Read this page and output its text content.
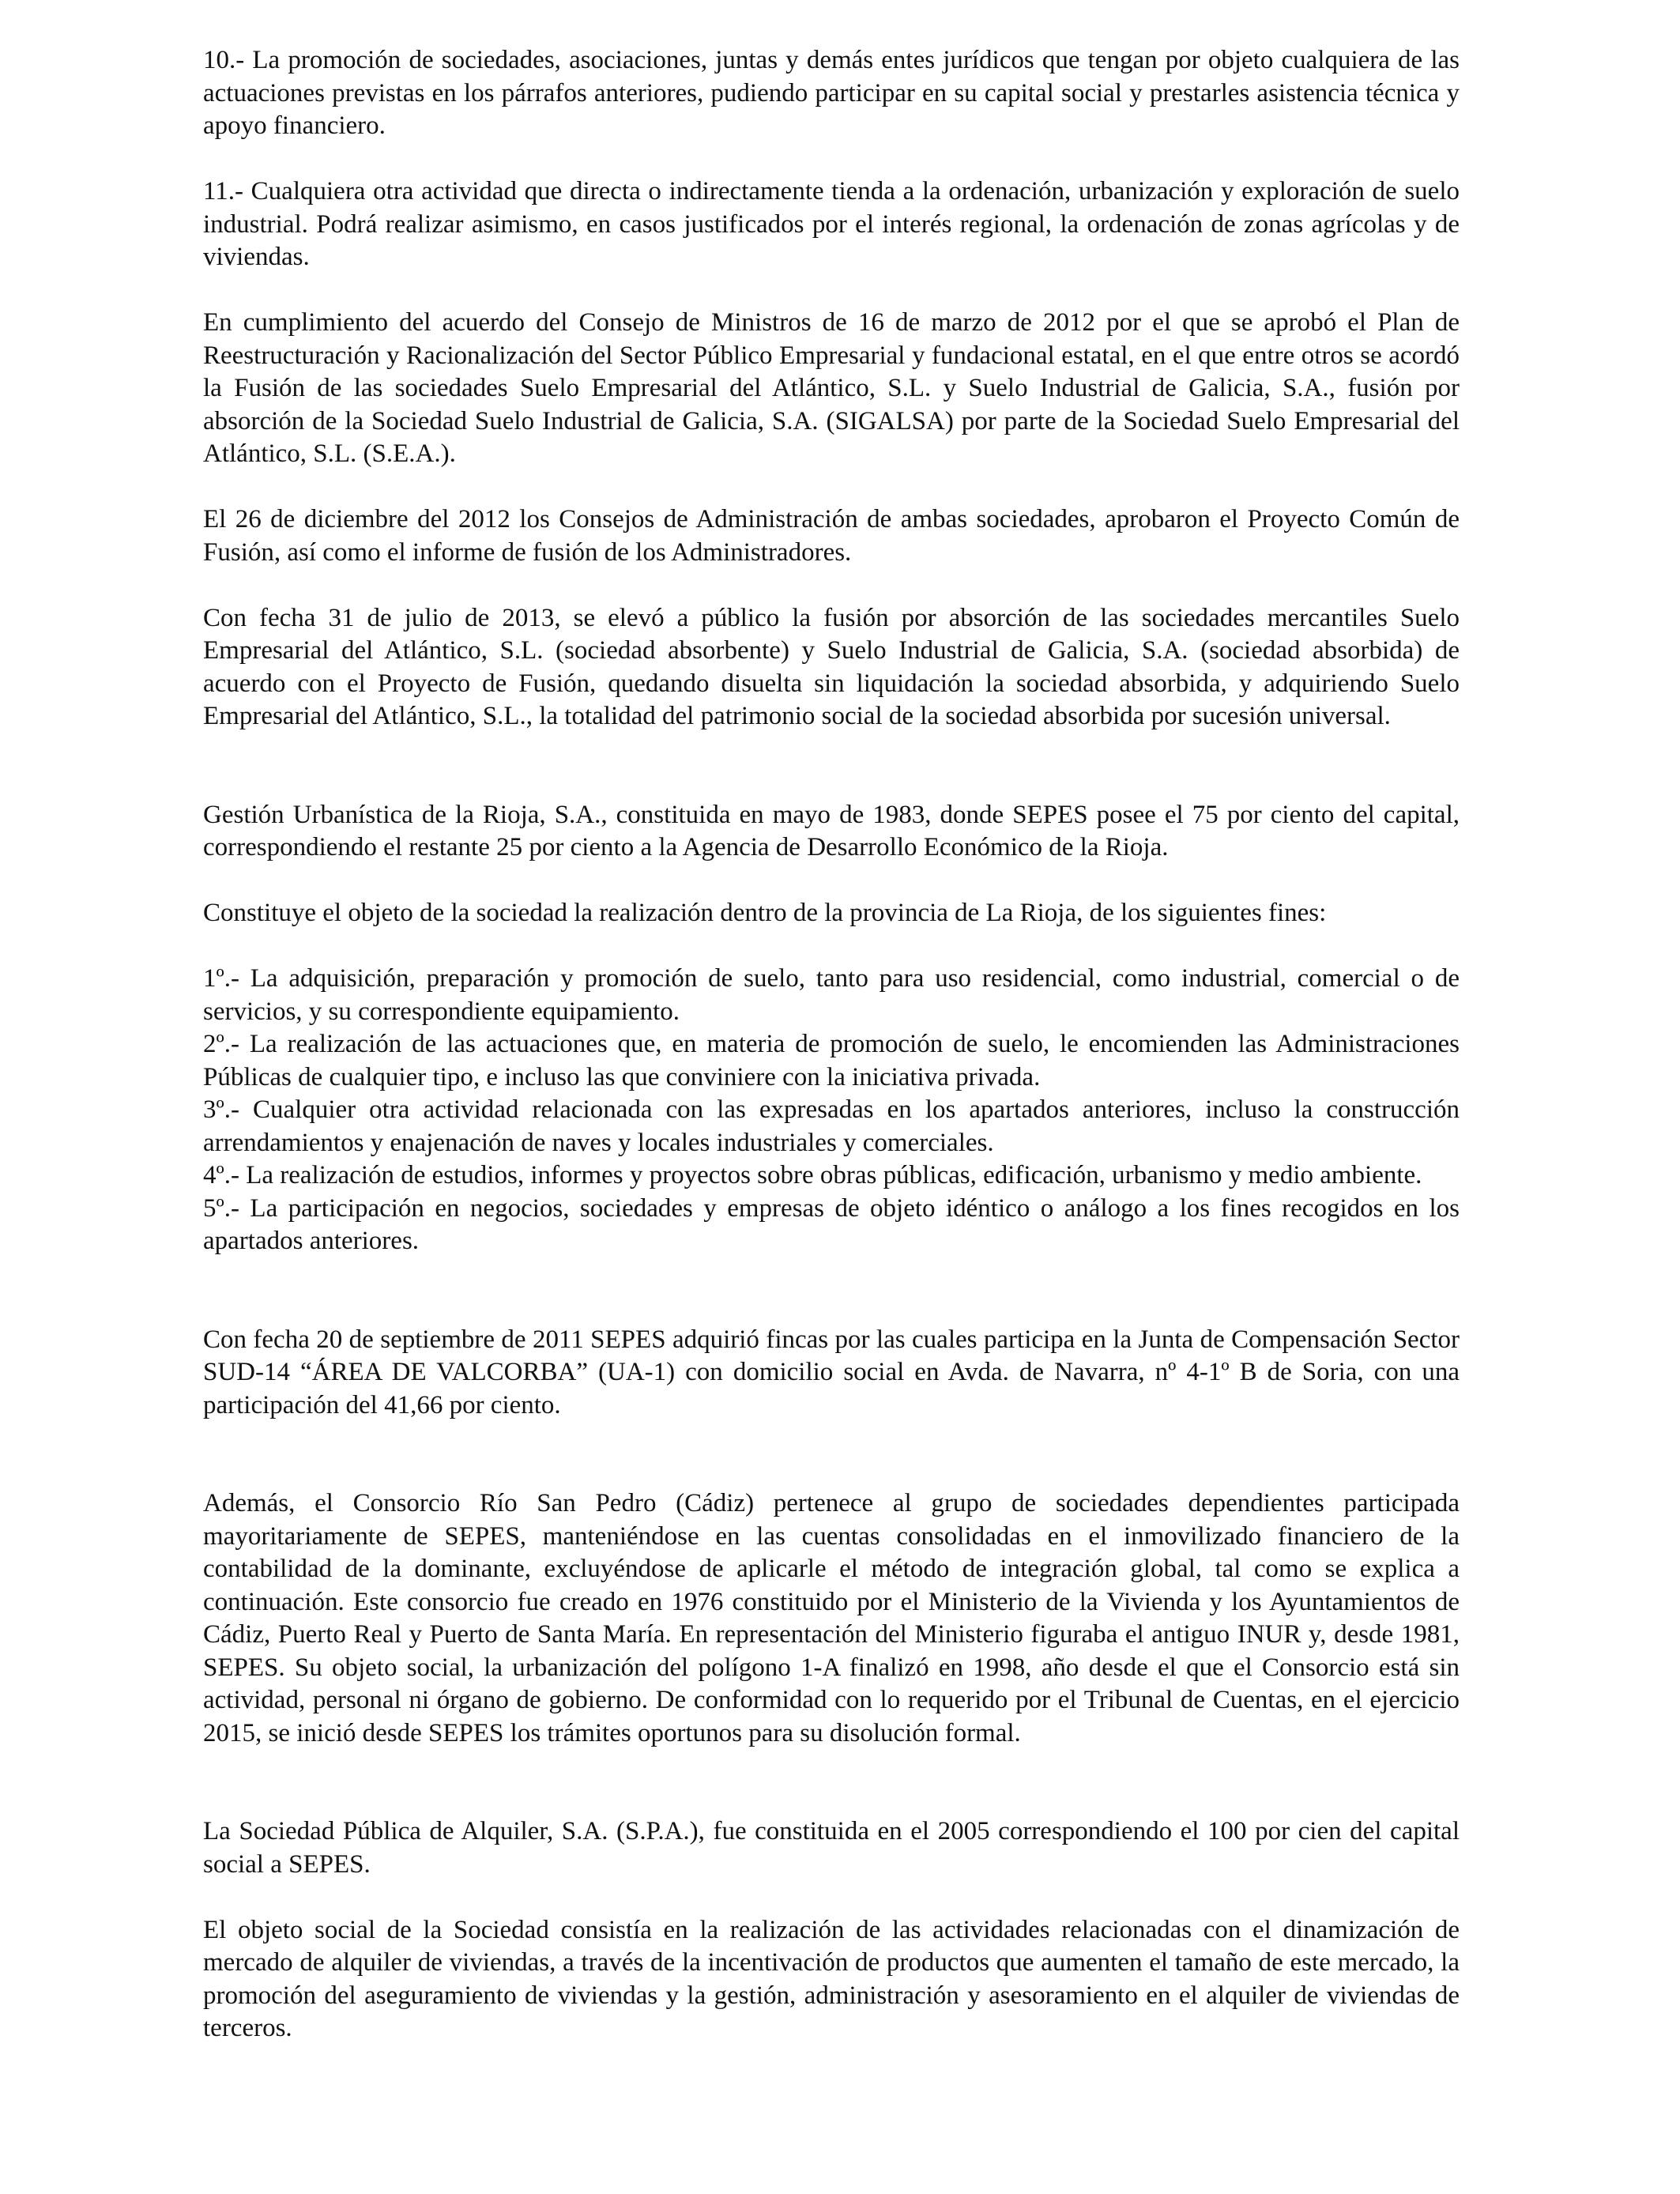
10.- La promoción de sociedades, asociaciones, juntas y demás entes jurídicos que tengan por objeto cualquiera de las actuaciones previstas en los párrafos anteriores, pudiendo participar en su capital social y prestarles asistencia técnica y apoyo financiero.

11.- Cualquiera otra actividad que directa o indirectamente tienda a la ordenación, urbanización y exploración de suelo industrial. Podrá realizar asimismo, en casos justificados por el interés regional, la ordenación de zonas agrícolas y de viviendas.

En cumplimiento del acuerdo del Consejo de Ministros de 16 de marzo de 2012 por el que se aprobó el Plan de Reestructuración y Racionalización del Sector Público Empresarial y fundacional estatal, en el que entre otros se acordó la Fusión de las sociedades Suelo Empresarial del Atlántico, S.L. y Suelo Industrial de Galicia, S.A., fusión por absorción de la Sociedad Suelo Industrial de Galicia, S.A. (SIGALSA) por parte de la Sociedad Suelo Empresarial del Atlántico, S.L. (S.E.A.).

El 26 de diciembre del 2012 los Consejos de Administración de ambas sociedades, aprobaron el Proyecto Común de Fusión, así como el informe de fusión de los Administradores.

Con fecha 31 de julio de 2013, se elevó a público la fusión por absorción de las sociedades mercantiles Suelo Empresarial del Atlántico, S.L. (sociedad absorbente) y Suelo Industrial de Galicia, S.A. (sociedad absorbida) de acuerdo con el Proyecto de Fusión, quedando disuelta sin liquidación la sociedad absorbida, y adquiriendo Suelo Empresarial del Atlántico, S.L., la totalidad del patrimonio social de la sociedad absorbida por sucesión universal.

Gestión Urbanística de la Rioja, S.A., constituida en mayo de 1983, donde SEPES posee el 75 por ciento del capital, correspondiendo el restante 25 por ciento a la Agencia de Desarrollo Económico de la Rioja.

Constituye el objeto de la sociedad la realización dentro de la provincia de La Rioja, de los siguientes fines:

1º.- La adquisición, preparación y promoción de suelo, tanto para uso residencial, como industrial, comercial o de servicios, y su correspondiente equipamiento.

2º.- La realización de las actuaciones que, en materia de promoción de suelo, le encomienden las Administraciones Públicas de cualquier tipo, e incluso las que conviniere con la iniciativa privada.

3º.- Cualquier otra actividad relacionada con las expresadas en los apartados anteriores, incluso la construcción arrendamientos y enajenación de naves y locales industriales y comerciales.

4º.- La realización de estudios, informes y proyectos sobre obras públicas, edificación, urbanismo y medio ambiente.

5º.- La participación en negocios, sociedades y empresas de objeto idéntico o análogo a los fines recogidos en los apartados anteriores.

Con fecha 20 de septiembre de 2011 SEPES adquirió fincas por las cuales participa en la Junta de Compensación Sector SUD-14 “ÁREA DE VALCORBA” (UA-1) con domicilio social en Avda. de Navarra, nº 4-1º B de Soria, con una participación del 41,66 por ciento.

Además, el Consorcio Río San Pedro (Cádiz) pertenece al grupo de sociedades dependientes participada mayoritariamente de SEPES, manteniéndose en las cuentas consolidadas en el inmovilizado financiero de la contabilidad de la dominante, excluyéndose de aplicarle el método de integración global, tal como se explica a continuación. Este consorcio fue creado en 1976 constituido por el Ministerio de la Vivienda y los Ayuntamientos de Cádiz, Puerto Real y Puerto de Santa María. En representación del Ministerio figuraba el antiguo INUR y, desde 1981, SEPES. Su objeto social, la urbanización del polígono 1-A finalizó en 1998, año desde el que el Consorcio está sin actividad, personal ni órgano de gobierno. De conformidad con lo requerido por el Tribunal de Cuentas, en el ejercicio 2015, se inició desde SEPES los trámites oportunos para su disolución formal.

La Sociedad Pública de Alquiler, S.A. (S.P.A.), fue constituida en el 2005 correspondiendo el 100 por cien del capital social a SEPES.

El objeto social de la Sociedad consistía en la realización de las actividades relacionadas con el dinamización de mercado de alquiler de viviendas, a través de la incentivación de productos que aumenten el tamaño de este mercado, la promoción del aseguramiento de viviendas y la gestión, administración y asesoramiento en el alquiler de viviendas de terceros.
